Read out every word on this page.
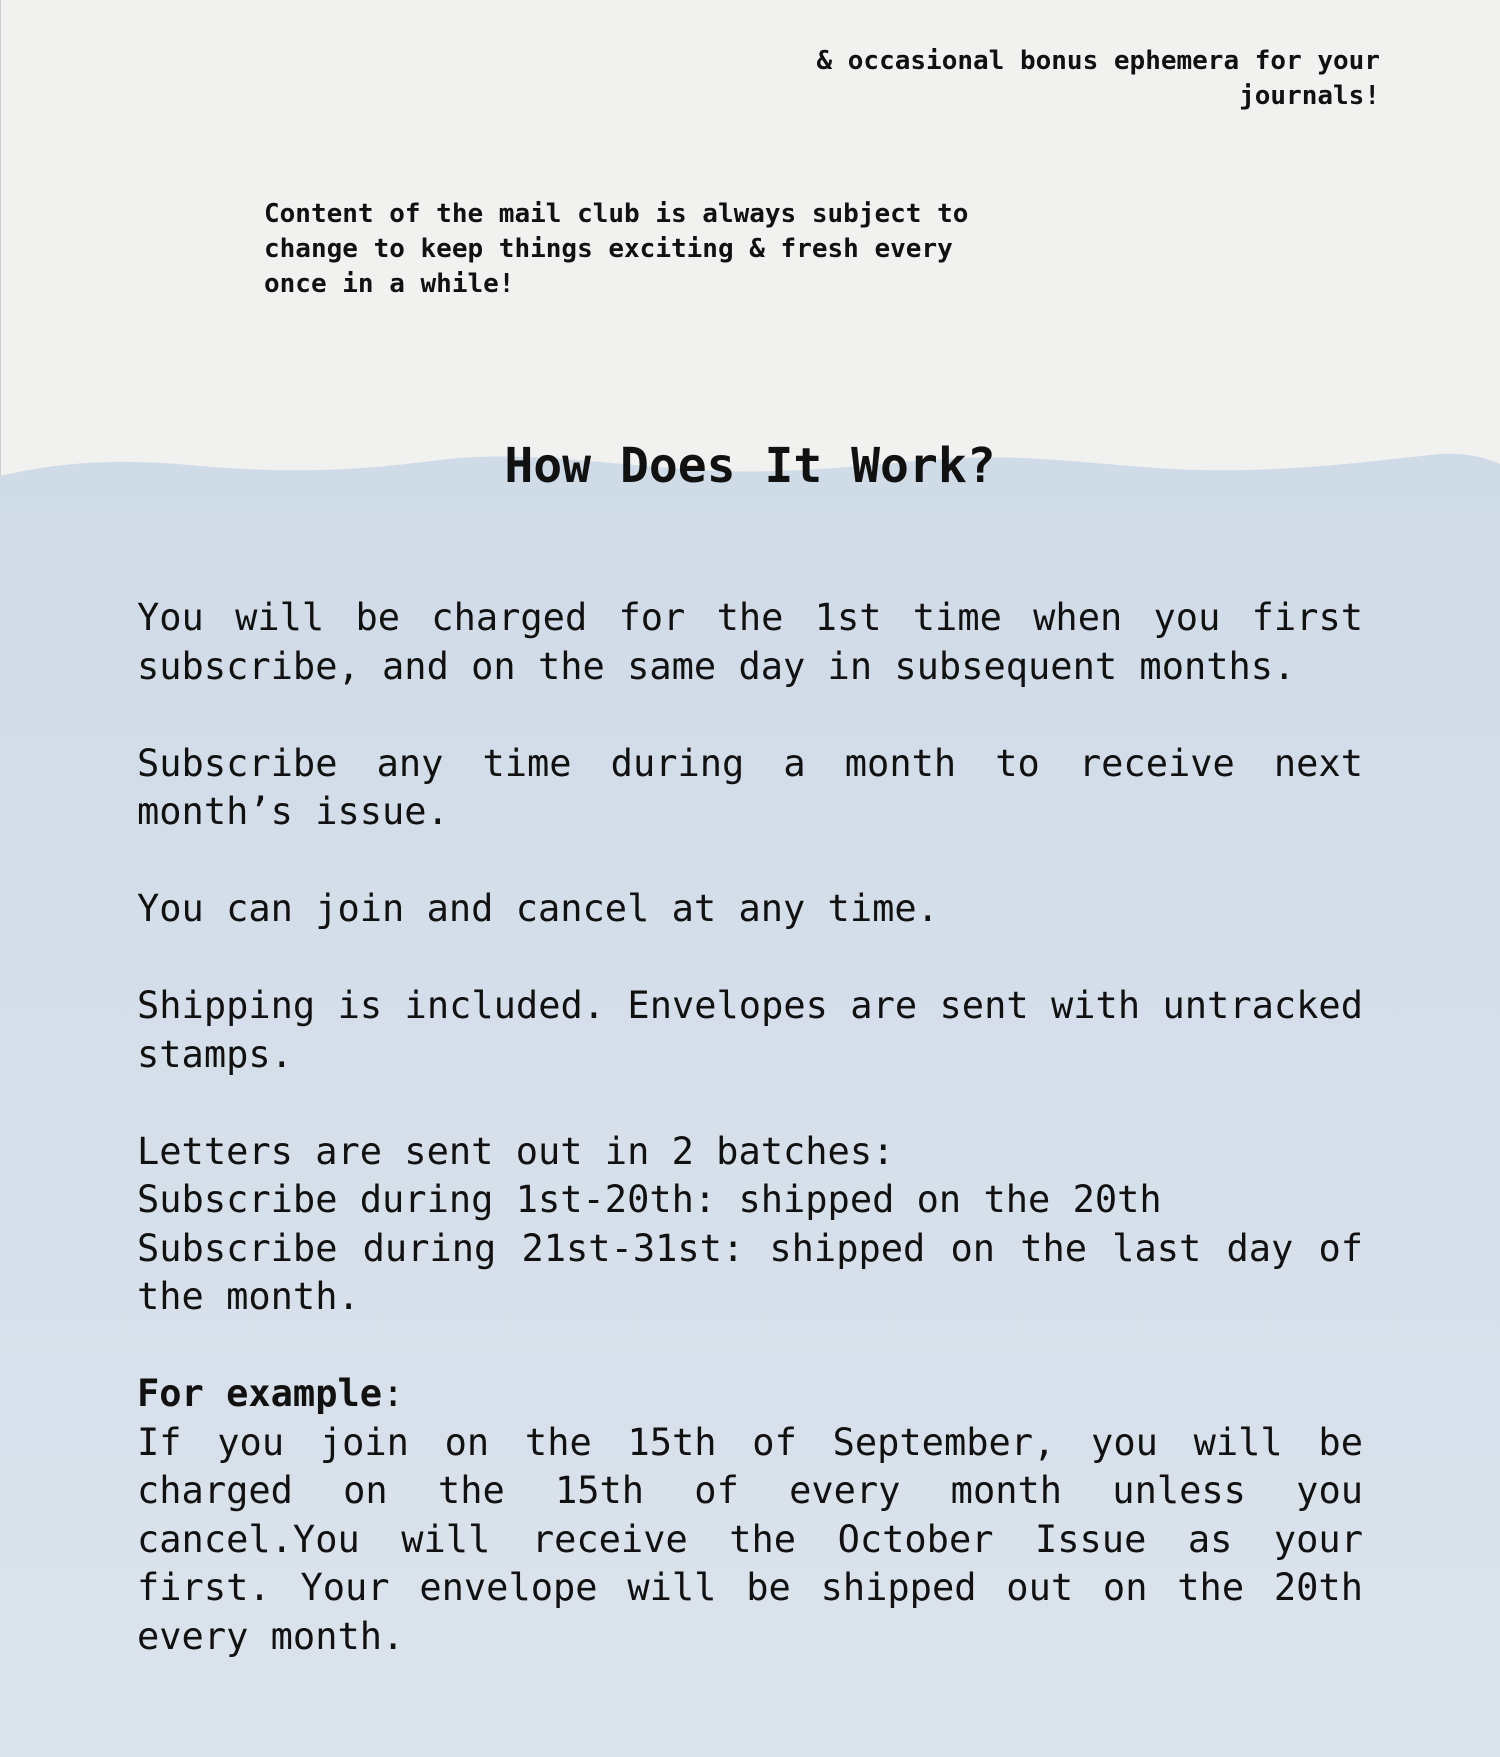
& occasional bonus ephemera for your journals!

Content of the mail club is always subject to change to keep things exciting & fresh every once in a while!

How Does It Work?

You will be charged for the 1st time when you first subscribe, and on the same day in subsequent months.

Subscribe any time during a month to receive next month’s issue.

You can join and cancel at any time.

Shipping is included. Envelopes are sent with untracked stamps.

Letters are sent out in 2 batches:
Subscribe during 1st-20th: shipped on the 20th
Subscribe during 21st-31st: shipped on the last day of the month.

For example:
If you join on the 15th of September, you will be charged on the 15th of every month unless you cancel.You will receive the October Issue as your first. Your envelope will be shipped out on the 20th every month.
